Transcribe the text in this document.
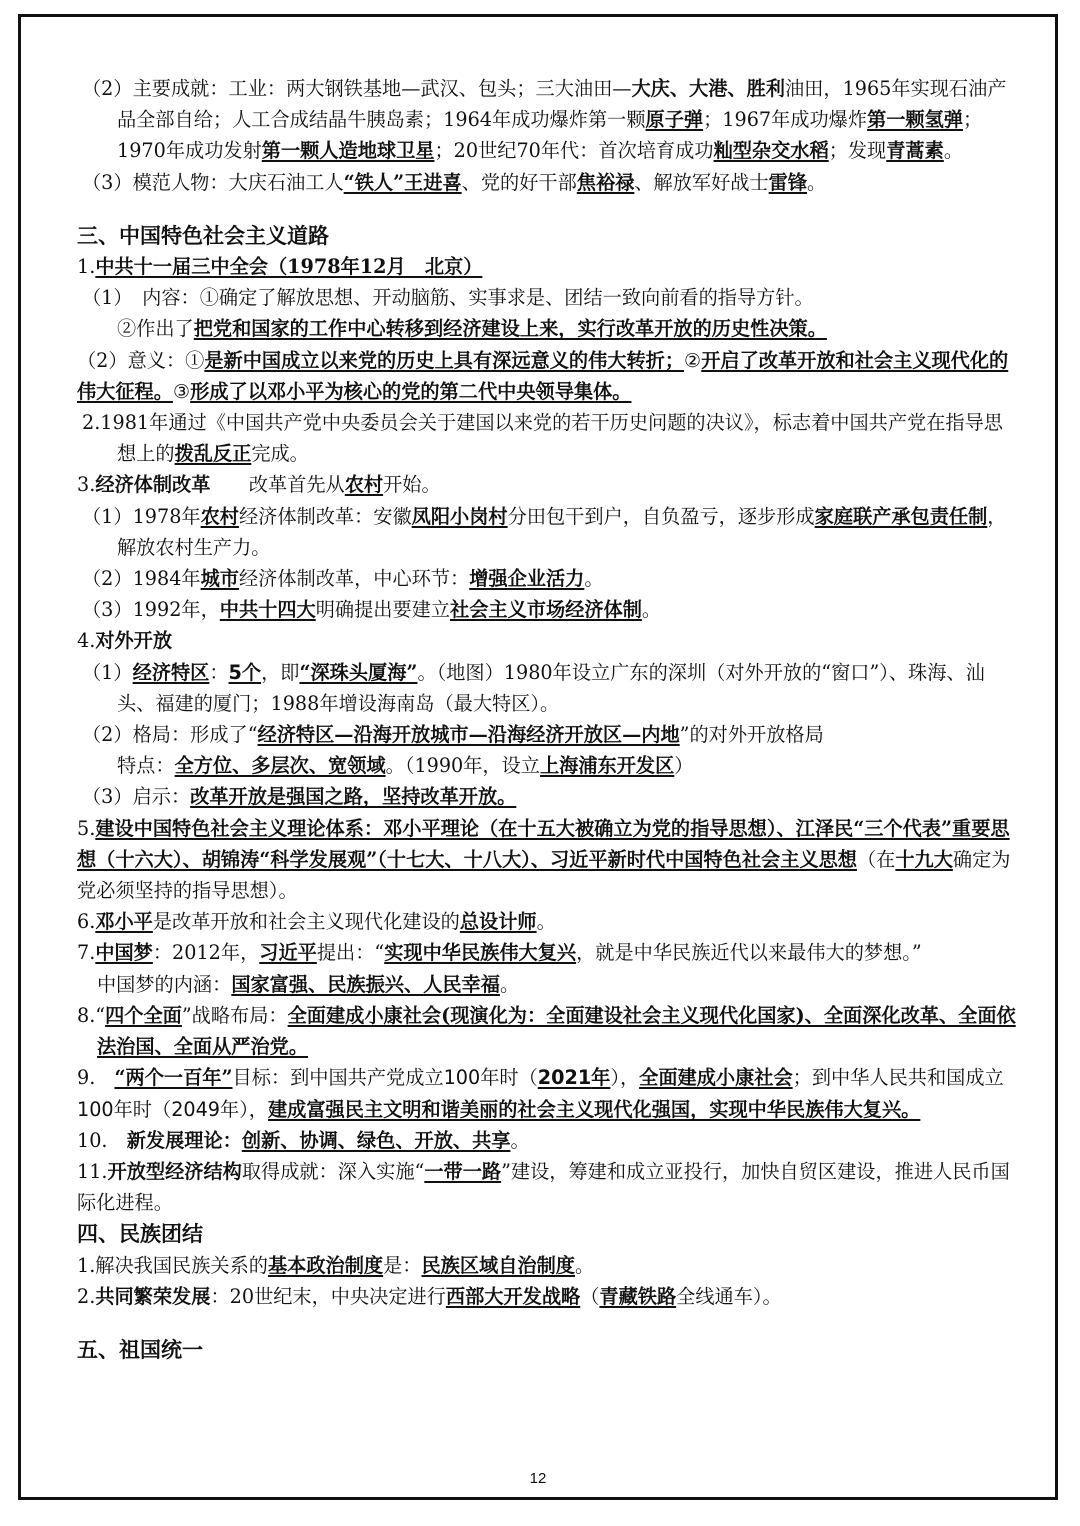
（2）主要成就：工业：两大钢铁基地—武汉、包头；三大油田—大庆、大港、胜利油田，1965年实现石油产品全部自给；人工合成结晶牛胰岛素；1964年成功爆炸第一颗原子弹；1967年成功爆炸第一颗氢弹；1970年成功发射第一颗人造地球卫星；20世纪70年代：首次培育成功籼型杂交水稻；发现青蒿素。

（3）模范人物：大庆石油工人“铁人”王进喜、党的好干部焦裕禄、解放军好战士雷锋。

三、中国特色社会主义道路

1.中共十一届三中全会（1978年12月　北京）

（1）　内容：①确定了解放思想、开动脑筋、实事求是、团结一致向前看的指导方针。

②作出了把党和国家的工作中心转移到经济建设上来，实行改革开放的历史性决策。

（2）意义：①是新中国成立以来党的历史上具有深远意义的伟大转折；②开启了改革开放和社会主义现代化的伟大征程。③形成了以邓小平为核心的党的第二代中央领导集体。

2.1981年通过《中国共产党中央委员会关于建国以来党的若干历史问题的决议》，标志着中国共产党在指导思想上的拨乱反正完成。

3.经济体制改革　　改革首先从农村开始。

（1）1978年农村经济体制改革：安徽凤阳小岗村分田包干到户，自负盈亏，逐步形成家庭联产承包责任制，解放农村生产力。

（2）1984年城市经济体制改革，中心环节：增强企业活力。

（3）1992年，中共十四大明确提出要建立社会主义市场经济体制。

4.对外开放

（1）经济特区：5个，即“深珠头厦海”。（地图）1980年设立广东的深圳（对外开放的“窗口”）、珠海、汕头、福建的厦门；1988年增设海南岛（最大特区）。

（2）格局：形成了“经济特区—沿海开放城市—沿海经济开放区—内地”的对外开放格局

特点：全方位、多层次、宽领域。（1990年，设立上海浦东开发区）

（3）启示：改革开放是强国之路，坚持改革开放。

5.建设中国特色社会主义理论体系：邓小平理论（在十五大被确立为党的指导思想）、江泽民“三个代表”重要思想（十六大）、胡锦涛“科学发展观”（十七大、十八大）、习近平新时代中国特色社会主义思想（在十九大确定为党必须坚持的指导思想）。

6.邓小平是改革开放和社会主义现代化建设的总设计师。

7.中国梦：2012年，习近平提出：“实现中华民族伟大复兴，就是中华民族近代以来最伟大的梦想。”

中国梦的内涵：国家富强、民族振兴、人民幸福。

8.“四个全面”战略布局：全面建成小康社会(现演化为：全面建设社会主义现代化国家)、全面深化改革、全面依法治国、全面从严治党。

9.　“两个一百年”目标：到中国共产党成立100年时（2021年），全面建成小康社会；到中华人民共和国成立100年时（2049年），建成富强民主文明和谐美丽的社会主义现代化强国，实现中华民族伟大复兴。

10.　新发展理论：创新、协调、绿色、开放、共享。

11.开放型经济结构取得成就：深入实施“一带一路”建设，筹建和成立亚投行，加快自贸区建设，推进人民币国际化进程。

四、民族团结

1.解决我国民族关系的基本政治制度是：民族区域自治制度。

2.共同繁荣发展：20世纪末，中央决定进行西部大开发战略（青藏铁路全线通车）。

五、祖国统一

12
